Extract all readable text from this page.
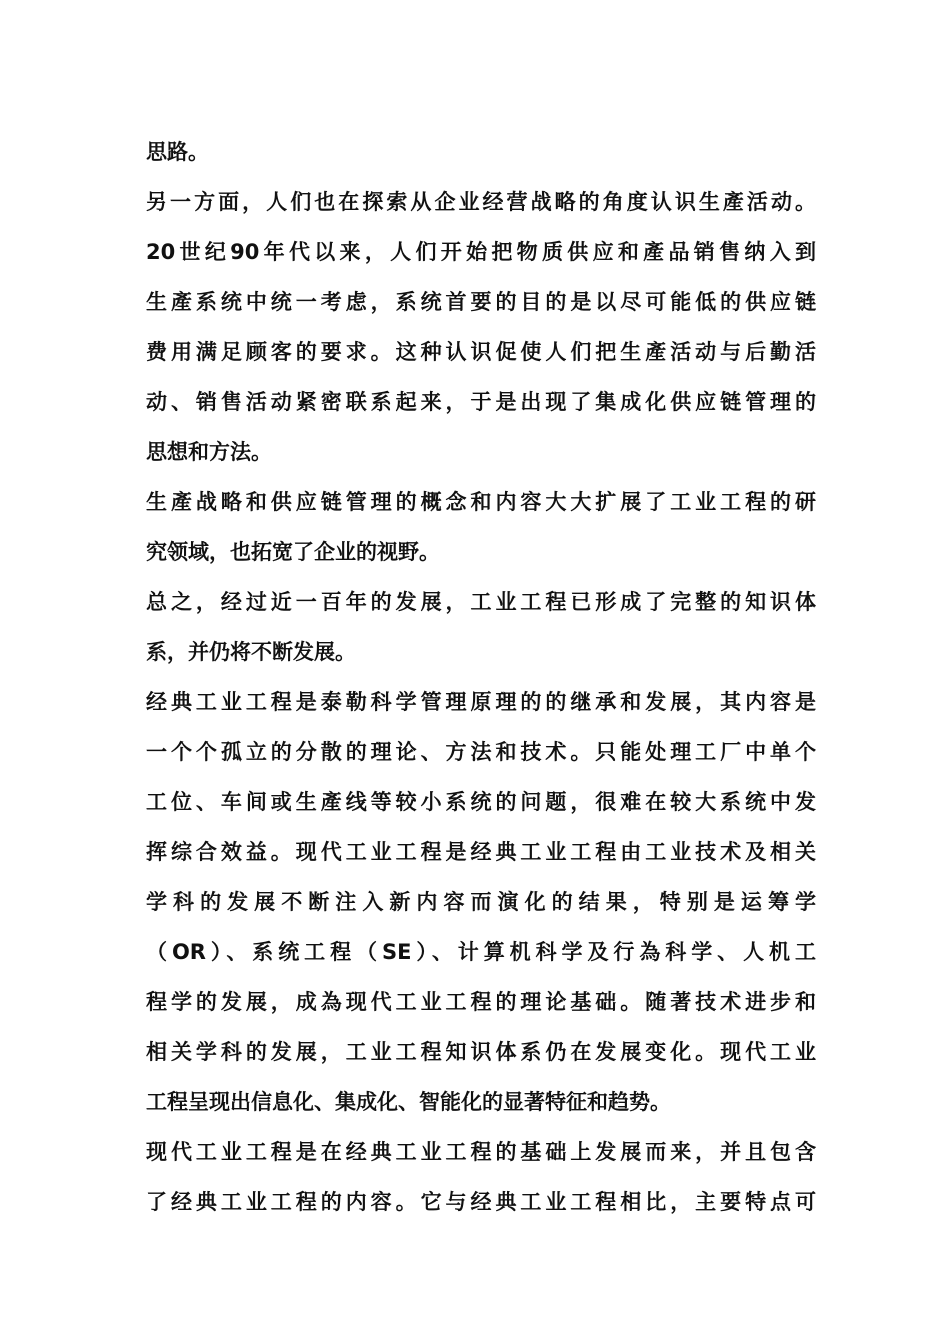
思路。

另一方面，人们也在探索从企业经营战略的角度认识生產活动。
20世纪90年代以来，人们开始把物质供应和產品销售纳入到
生產系统中统一考虑，系统首要的目的是以尽可能低的供应链
费用满足顾客的要求。这种认识促使人们把生產活动与后勤活
动、销售活动紧密联系起来，于是出现了集成化供应链管理的
思想和方法。

生產战略和供应链管理的概念和内容大大扩展了工业工程的研
究领域，也拓宽了企业的视野。

总之，经过近一百年的发展，工业工程已形成了完整的知识体
系，并仍将不断发展。

经典工业工程是泰勒科学管理原理的的继承和发展，其内容是
一个个孤立的分散的理论、方法和技术。只能处理工厂中单个
工位、车间或生產线等较小系统的问题，很难在较大系统中发
挥综合效益。现代工业工程是经典工业工程由工业技术及相关
学科的发展不断注入新内容而演化的结果，特别是运筹学
（OR）、系统工程（SE）、计算机科学及行為科学、人机工
程学的发展，成為现代工业工程的理论基础。随著技术进步和
相关学科的发展，工业工程知识体系仍在发展变化。现代工业
工程呈现出信息化、集成化、智能化的显著特征和趋势。

现代工业工程是在经典工业工程的基础上发展而来，并且包含
了经典工业工程的内容。它与经典工业工程相比，主要特点可
